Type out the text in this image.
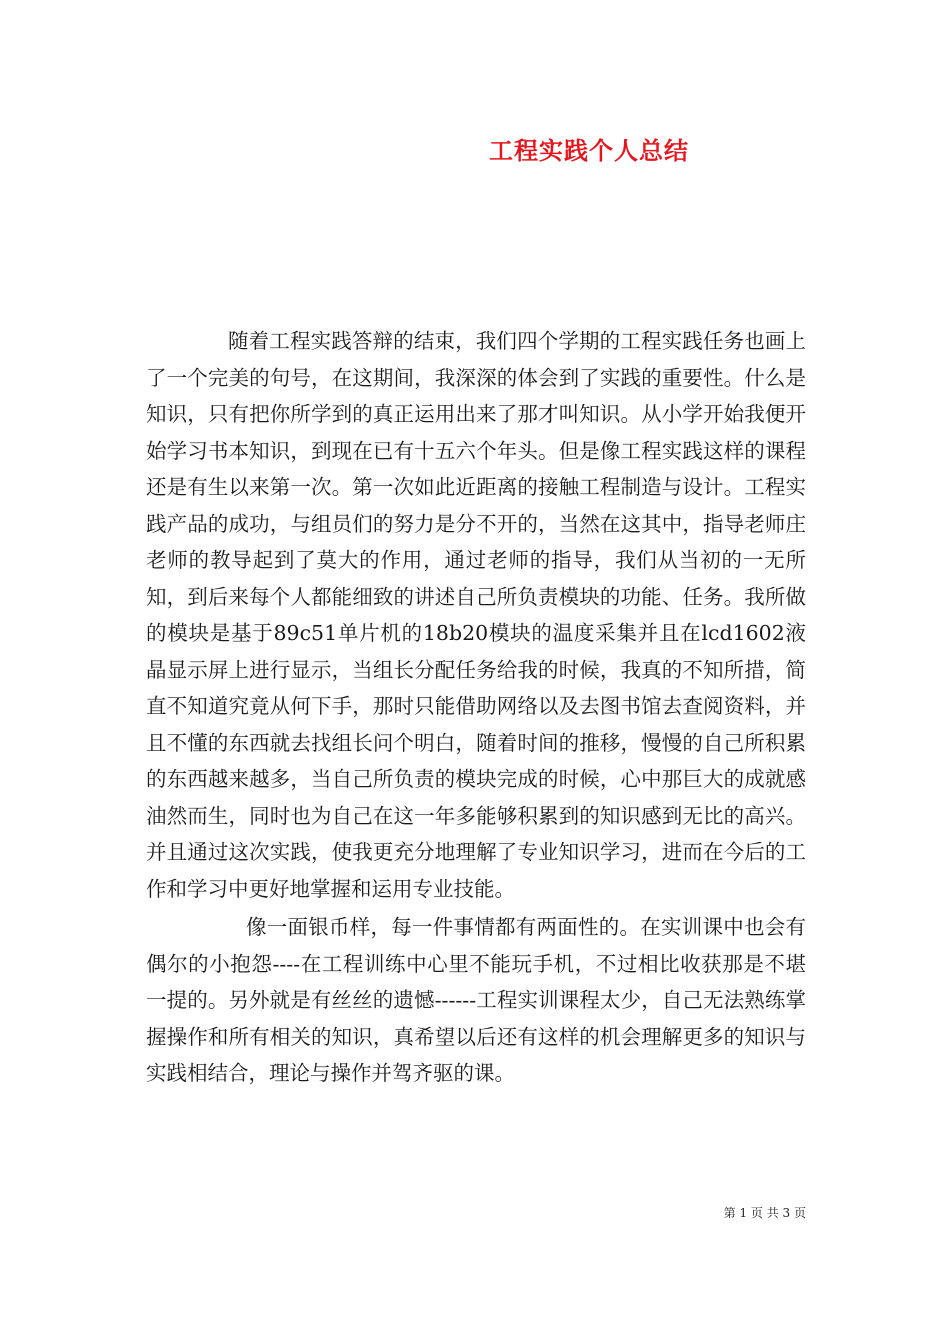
工程实践个人总结

随着工程实践答辩的结束，我们四个学期的工程实践任务也画上了一个完美的句号，在这期间，我深深的体会到了实践的重要性。什么是知识，只有把你所学到的真正运用出来了那才叫知识。从小学开始我便开始学习书本知识，到现在已有十五六个年头。但是像工程实践这样的课程还是有生以来第一次。第一次如此近距离的接触工程制造与设计。工程实践产品的成功，与组员们的努力是分不开的，当然在这其中，指导老师庄老师的教导起到了莫大的作用，通过老师的指导，我们从当初的一无所知，到后来每个人都能细致的讲述自己所负责模块的功能、任务。我所做的模块是基于89c51单片机的18b20模块的温度采集并且在lcd1602液晶显示屏上进行显示，当组长分配任务给我的时候，我真的不知所措，简直不知道究竟从何下手，那时只能借助网络以及去图书馆去查阅资料，并且不懂的东西就去找组长问个明白，随着时间的推移，慢慢的自己所积累的东西越来越多，当自己所负责的模块完成的时候，心中那巨大的成就感油然而生，同时也为自己在这一年多能够积累到的知识感到无比的高兴。并且通过这次实践，使我更充分地理解了专业知识学习，进而在今后的工作和学习中更好地掌握和运用专业技能。

像一面银币样，每一件事情都有两面性的。在实训课中也会有偶尔的小抱怨----在工程训练中心里不能玩手机，不过相比收获那是不堪一提的。另外就是有丝丝的遗憾------工程实训课程太少，自己无法熟练掌握操作和所有相关的知识，真希望以后还有这样的机会理解更多的知识与实践相结合，理论与操作并驾齐驱的课。

第 1 页 共 3 页
